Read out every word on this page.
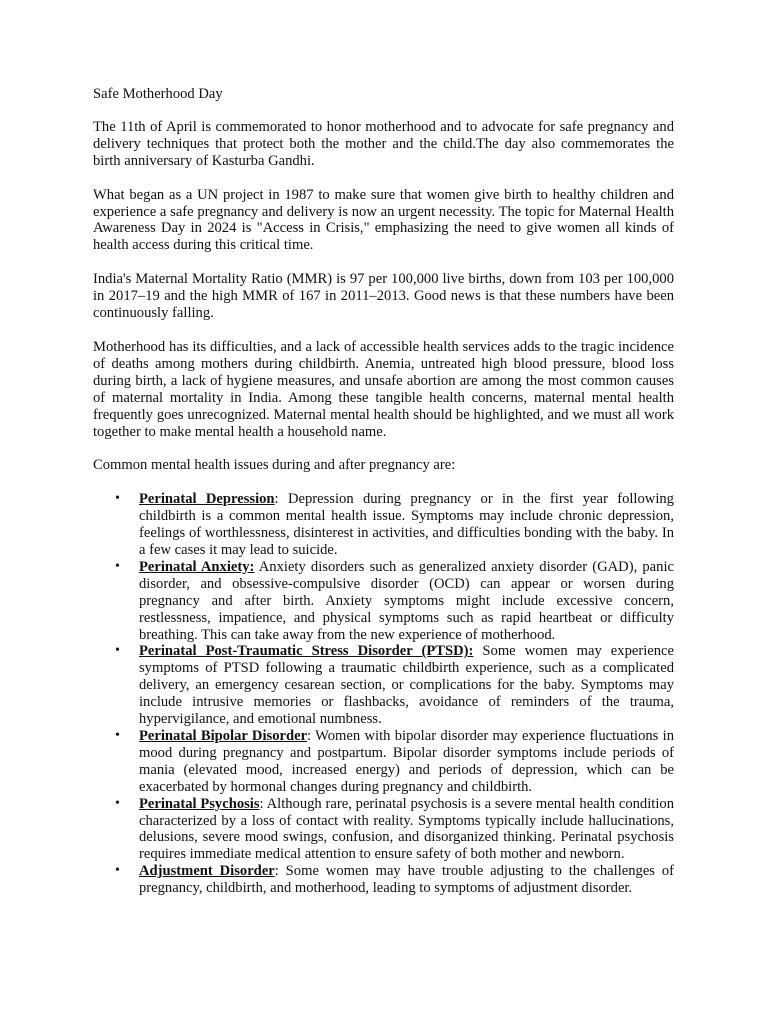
Safe Motherhood Day

The 11th of April is commemorated to honor motherhood and to advocate for safe pregnancy and delivery techniques that protect both the mother and the child.The day also commemorates the birth anniversary of Kasturba Gandhi.

What began as a UN project in 1987 to make sure that women give birth to healthy children and experience a safe pregnancy and delivery is now an urgent necessity. The topic for Maternal Health Awareness Day in 2024 is "Access in Crisis," emphasizing the need to give women all kinds of health access during this critical time.

India's Maternal Mortality Ratio (MMR) is 97 per 100,000 live births, down from 103 per 100,000 in 2017–19 and the high MMR of 167 in 2011–2013. Good news is that these numbers have been continuously falling.

Motherhood has its difficulties, and a lack of accessible health services adds to the tragic incidence of deaths among mothers during childbirth. Anemia, untreated high blood pressure, blood loss during birth, a lack of hygiene measures, and unsafe abortion are among the most common causes of maternal mortality in India. Among these tangible health concerns, maternal mental health frequently goes unrecognized. Maternal mental health should be highlighted, and we must all work together to make mental health a household name.

Common mental health issues during and after pregnancy are:
• Perinatal Depression: Depression during pregnancy or in the first year following childbirth is a common mental health issue. Symptoms may include chronic depression, feelings of worthlessness, disinterest in activities, and difficulties bonding with the baby. In a few cases it may lead to suicide.
• Perinatal Anxiety: Anxiety disorders such as generalized anxiety disorder (GAD), panic disorder, and obsessive-compulsive disorder (OCD) can appear or worsen during pregnancy and after birth. Anxiety symptoms might include excessive concern, restlessness, impatience, and physical symptoms such as rapid heartbeat or difficulty breathing. This can take away from the new experience of motherhood.
• Perinatal Post-Traumatic Stress Disorder (PTSD): Some women may experience symptoms of PTSD following a traumatic childbirth experience, such as a complicated delivery, an emergency cesarean section, or complications for the baby. Symptoms may include intrusive memories or flashbacks, avoidance of reminders of the trauma, hypervigilance, and emotional numbness.
• Perinatal Bipolar Disorder: Women with bipolar disorder may experience fluctuations in mood during pregnancy and postpartum. Bipolar disorder symptoms include periods of mania (elevated mood, increased energy) and periods of depression, which can be exacerbated by hormonal changes during pregnancy and childbirth.
• Perinatal Psychosis: Although rare, perinatal psychosis is a severe mental health condition characterized by a loss of contact with reality. Symptoms typically include hallucinations, delusions, severe mood swings, confusion, and disorganized thinking. Perinatal psychosis requires immediate medical attention to ensure safety of both mother and newborn.
• Adjustment Disorder: Some women may have trouble adjusting to the challenges of pregnancy, childbirth, and motherhood, leading to symptoms of adjustment disorder.
